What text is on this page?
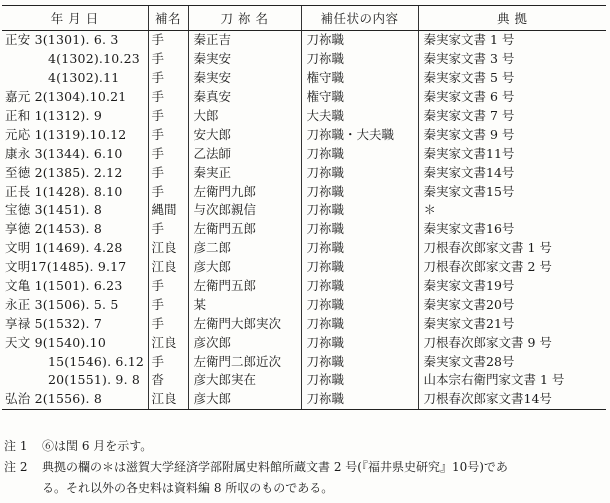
年 月 日	補名	刀 祢 名	補任状の内容	典 拠
正安 3(1301). 6. 3	手	秦正吉	刀祢職	秦実家文書 1 号
4(1302).10.23	手	秦実安	刀祢職	秦実家文書 3 号
4(1302).11	手	秦実安	権守職	秦実家文書 5 号
嘉元 2(1304).10.21	手	秦真安	権守職	秦実家文書 6 号
正和 1(1312). 9	手	大郎	大夫職	秦実家文書 7 号
元応 1(1319).10.12	手	安大郎	刀祢職・大夫職	秦実家文書 9 号
康永 3(1344). 6.10	手	乙法師	刀祢職	秦実家文書11号
至徳 2(1385). 2.12	手	秦実正	刀祢職	秦実家文書14号
正長 1(1428). 8.10	手	左衛門九郎	刀祢職	秦実家文書15号
宝徳 3(1451). 8	縄間	与次郎親信	刀祢職	＊
享徳 2(1453). 8	手	左衛門五郎	刀祢職	秦実家文書16号
文明 1(1469). 4.28	江良	彦二郎	刀祢職	刀根春次郎家文書 1 号
文明17(1485). 9.17	江良	彦大郎	刀祢職	刀根春次郎家文書 2 号
文亀 1(1501). 6.23	手	左衛門五郎	刀祢職	秦実家文書19号
永正 3(1506). 5. 5	手	某	刀祢職	秦実家文書20号
享禄 5(1532). 7	手	左衛門大郎実次	刀祢職	秦実家文書21号
天文 9(1540).10	江良	彦次郎	刀祢職	刀根春次郎家文書 9 号
15(1546). 6.12	手	左衛門二郎近次	刀祢職	秦実家文書28号
20(1551). 9. 8	沓	彦大郎実在	刀祢職	山本宗右衛門家文書 1 号
弘治 2(1556). 8	江良	彦大郎	刀祢職	刀根春次郎家文書14号
注 1	⑥は閏 6 月を示す。
注 2	典拠の欄の＊は滋賀大学経済学部附属史料館所蔵文書 2 号(『福井県史研究』10号)であ
る。それ以外の各史料は資料編 8 所収のものである。
